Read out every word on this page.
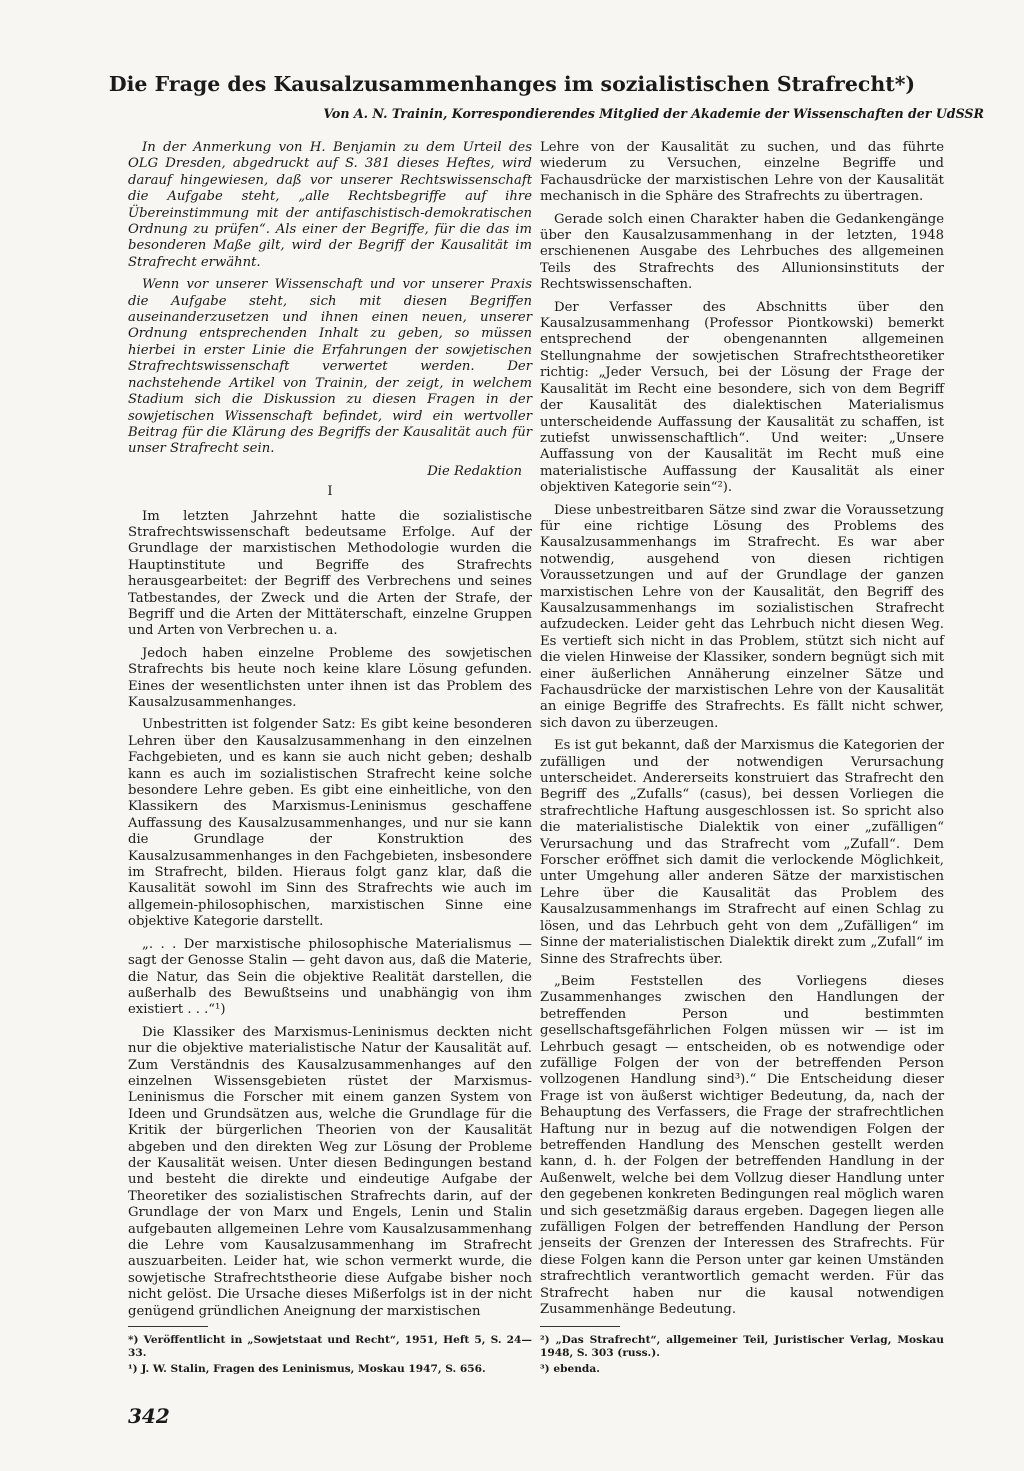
Die Frage des Kausalzusammenhanges im sozialistischen Strafrecht*)

Von A. N. Trainin, Korrespondierendes Mitglied der Akademie der Wissenschaften der UdSSR

In der Anmerkung von H. Benjamin zu dem Urteil des OLG Dresden, abgedruckt auf S. 381 dieses Heftes, wird darauf hingewiesen, daß vor unserer Rechtswissenschaft die Aufgabe steht, „alle Rechtsbegriffe auf ihre Übereinstimmung mit der antifaschistisch-demokratischen Ordnung zu prüfen“. Als einer der Begriffe, für die das im besonderen Maße gilt, wird der Begriff der Kausalität im Strafrecht erwähnt.

Wenn vor unserer Wissenschaft und vor unserer Praxis die Aufgabe steht, sich mit diesen Begriffen auseinanderzusetzen und ihnen einen neuen, unserer Ordnung entsprechenden Inhalt zu geben, so müssen hierbei in erster Linie die Erfahrungen der sowjetischen Strafrechtswissenschaft verwertet werden. Der nachstehende Artikel von Trainin, der zeigt, in welchem Stadium sich die Diskussion zu diesen Fragen in der sowjetischen Wissenschaft befindet, wird ein wertvoller Beitrag für die Klärung des Begriffs der Kausalität auch für unser Strafrecht sein.

Die Redaktion
I

Im letzten Jahrzehnt hatte die sozialistische Strafrechtswissenschaft bedeutsame Erfolge. Auf der Grundlage der marxistischen Methodologie wurden die Hauptinstitute und Begriffe des Strafrechts herausgearbeitet: der Begriff des Verbrechens und seines Tatbestandes, der Zweck und die Arten der Strafe, der Begriff und die Arten der Mittäterschaft, einzelne Gruppen und Arten von Verbrechen u. a.

Jedoch haben einzelne Probleme des sowjetischen Strafrechts bis heute noch keine klare Lösung gefunden. Eines der wesentlichsten unter ihnen ist das Problem des Kausalzusammenhanges.

Unbestritten ist folgender Satz: Es gibt keine besonderen Lehren über den Kausalzusammenhang in den einzelnen Fachgebieten, und es kann sie auch nicht geben; deshalb kann es auch im sozialistischen Strafrecht keine solche besondere Lehre geben. Es gibt eine einheitliche, von den Klassikern des Marxismus-Leninismus geschaffene Auffassung des Kausalzusammenhanges, und nur sie kann die Grundlage der Konstruktion des Kausalzusammenhanges in den Fachgebieten, insbesondere im Strafrecht, bilden. Hieraus folgt ganz klar, daß die Kausalität sowohl im Sinn des Strafrechts wie auch im allgemein-philosophischen, marxistischen Sinne eine objektive Kategorie darstellt.

„. . . Der marxistische philosophische Materialismus — sagt der Genosse Stalin — geht davon aus, daß die Materie, die Natur, das Sein die objektive Realität darstellen, die außerhalb des Bewußtseins und unabhängig von ihm existiert . . .“¹)

Die Klassiker des Marxismus-Leninismus deckten nicht nur die objektive materialistische Natur der Kausalität auf. Zum Verständnis des Kausalzusammenhanges auf den einzelnen Wissensgebieten rüstet der Marxismus-Leninismus die Forscher mit einem ganzen System von Ideen und Grundsätzen aus, welche die Grundlage für die Kritik der bürgerlichen Theorien von der Kausalität abgeben und den direkten Weg zur Lösung der Probleme der Kausalität weisen. Unter diesen Bedingungen bestand und besteht die direkte und eindeutige Aufgabe der Theoretiker des sozialistischen Strafrechts darin, auf der Grundlage der von Marx und Engels, Lenin und Stalin aufgebauten allgemeinen Lehre vom Kausalzusammenhang die Lehre vom Kausalzusammenhang im Strafrecht auszuarbeiten. Leider hat, wie schon vermerkt wurde, die sowjetische Strafrechtstheorie diese Aufgabe bisher noch nicht gelöst. Die Ursache dieses Mißerfolgs ist in der nicht genügend gründlichen Aneignung der marxistischen

Lehre von der Kausalität zu suchen, und das führte wiederum zu Versuchen, einzelne Begriffe und Fachausdrücke der marxistischen Lehre von der Kausalität mechanisch in die Sphäre des Strafrechts zu übertragen.

Gerade solch einen Charakter haben die Gedankengänge über den Kausalzusammenhang in der letzten, 1948 erschienenen Ausgabe des Lehrbuches des allgemeinen Teils des Strafrechts des Allunionsinstituts der Rechtswissenschaften.

Der Verfasser des Abschnitts über den Kausalzusammenhang (Professor Piontkowski) bemerkt entsprechend der obengenannten allgemeinen Stellungnahme der sowjetischen Strafrechtstheoretiker richtig: „Jeder Versuch, bei der Lösung der Frage der Kausalität im Recht eine besondere, sich von dem Begriff der Kausalität des dialektischen Materialismus unterscheidende Auffassung der Kausalität zu schaffen, ist zutiefst unwissenschaftlich“. Und weiter: „Unsere Auffassung von der Kausalität im Recht muß eine materialistische Auffassung der Kausalität als einer objektiven Kategorie sein“²).

Diese unbestreitbaren Sätze sind zwar die Voraussetzung für eine richtige Lösung des Problems des Kausalzusammenhangs im Strafrecht. Es war aber notwendig, ausgehend von diesen richtigen Voraussetzungen und auf der Grundlage der ganzen marxistischen Lehre von der Kausalität, den Begriff des Kausalzusammenhangs im sozialistischen Strafrecht aufzudecken. Leider geht das Lehrbuch nicht diesen Weg. Es vertieft sich nicht in das Problem, stützt sich nicht auf die vielen Hinweise der Klassiker, sondern begnügt sich mit einer äußerlichen Annäherung einzelner Sätze und Fachausdrücke der marxistischen Lehre von der Kausalität an einige Begriffe des Strafrechts. Es fällt nicht schwer, sich davon zu überzeugen.

Es ist gut bekannt, daß der Marxismus die Kategorien der zufälligen und der notwendigen Verursachung unterscheidet. Andererseits konstruiert das Strafrecht den Begriff des „Zufalls“ (casus), bei dessen Vorliegen die strafrechtliche Haftung ausgeschlossen ist. So spricht also die materialistische Dialektik von einer „zufälligen“ Verursachung und das Strafrecht vom „Zufall“. Dem Forscher eröffnet sich damit die verlockende Möglichkeit, unter Umgehung aller anderen Sätze der marxistischen Lehre über die Kausalität das Problem des Kausalzusammenhangs im Strafrecht auf einen Schlag zu lösen, und das Lehrbuch geht von dem „Zufälligen“ im Sinne der materialistischen Dialektik direkt zum „Zufall“ im Sinne des Strafrechts über.

„Beim Feststellen des Vorliegens dieses Zusammenhanges zwischen den Handlungen der betreffenden Person und bestimmten gesellschaftsgefährlichen Folgen müssen wir — ist im Lehrbuch gesagt — entscheiden, ob es notwendige oder zufällige Folgen der von der betreffenden Person vollzogenen Handlung sind³).“ Die Entscheidung dieser Frage ist von äußerst wichtiger Bedeutung, da, nach der Behauptung des Verfassers, die Frage der strafrechtlichen Haftung nur in bezug auf die notwendigen Folgen der betreffenden Handlung des Menschen gestellt werden kann, d. h. der Folgen der betreffenden Handlung in der Außenwelt, welche bei dem Vollzug dieser Handlung unter den gegebenen konkreten Bedingungen real möglich waren und sich gesetzmäßig daraus ergeben. Dagegen liegen alle zufälligen Folgen der betreffenden Handlung der Person jenseits der Grenzen der Interessen des Strafrechts. Für diese Folgen kann die Person unter gar keinen Umständen strafrechtlich verantwortlich gemacht werden. Für das Strafrecht haben nur die kausal notwendigen Zusammenhänge Bedeutung.

*) Veröffentlicht in „Sowjetstaat und Recht“, 1951, Heft 5, S. 24—33.

¹) J. W. Stalin, Fragen des Leninismus, Moskau 1947, S. 656.

²) „Das Strafrecht“, allgemeiner Teil, Juristischer Verlag, Moskau 1948, S. 303 (russ.).

³) ebenda.

342
